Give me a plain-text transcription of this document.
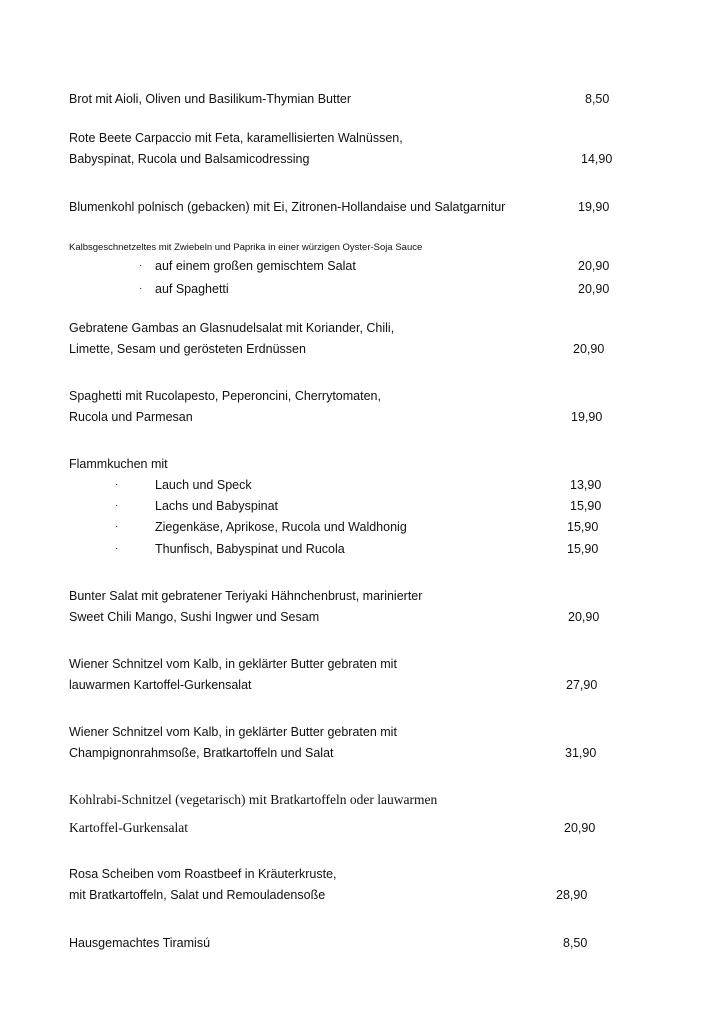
Brot mit Aioli, Oliven und Basilikum-Thymian Butter	8,50
Rote Beete Carpaccio mit Feta, karamellisierten Walnüssen,
Babyspinat, Rucola und Balsamicodressing	14,90
Blumenkohl polnisch (gebacken) mit Ei, Zitronen-Hollandaise und Salatgarnitur	19,90
Kalbsgeschnetzeltes mit Zwiebeln und Paprika in einer würzigen Oyster-Soja Sauce
· auf einem großen gemischtem Salat	20,90
· auf Spaghetti	20,90
Gebratene Gambas an Glasnudelsalat mit Koriander, Chili,
Limette, Sesam und gerösteten Erdnüssen	20,90
Spaghetti mit Rucolapesto, Peperoncini, Cherrytomaten,
Rucola und Parmesan	19,90
Flammkuchen mit
·	Lauch und Speck	13,90
·	Lachs und Babyspinat	15,90
·	Ziegenkäse, Aprikose, Rucola und Waldhonig	15,90
·	Thunfisch, Babyspinat und Rucola	15,90
Bunter Salat mit gebratener Teriyaki Hähnchenbrust, marinierter
Sweet Chili Mango, Sushi Ingwer und Sesam	20,90
Wiener Schnitzel vom Kalb, in geklärter Butter gebraten mit
lauwarmen Kartoffel-Gurkensalat	27,90
Wiener Schnitzel vom Kalb, in geklärter Butter gebraten mit
Champignonrahmsoße, Bratkartoffeln und Salat	31,90
Kohlrabi-Schnitzel (vegetarisch) mit Bratkartoffeln oder lauwarmen
Kartoffel-Gurkensalat	20,90
Rosa Scheiben vom Roastbeef in Kräuterkruste,
mit Bratkartoffeln, Salat und Remouladensoße	28,90
Hausgemachtes Tiramisú	8,50
